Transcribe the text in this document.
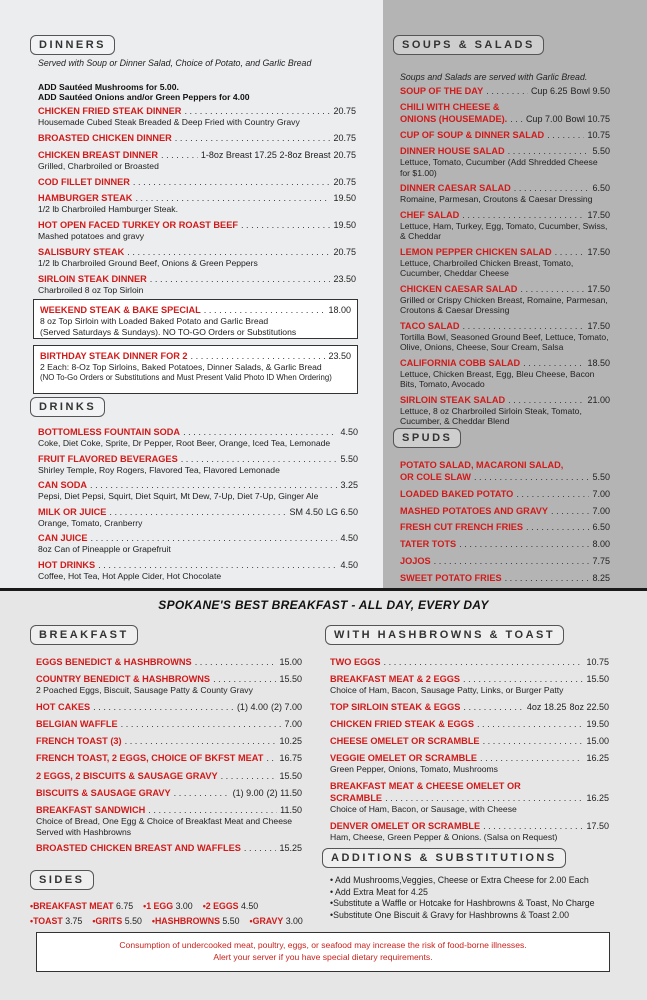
DINNERS
Served with Soup or Dinner Salad, Choice of Potato, and Garlic Bread
ADD Sautéed Mushrooms for 5.00.
ADD Sautéed Onions and/or Green Peppers for 4.00
CHICKEN FRIED STEAK DINNER . . .	20.75
Housemade Cubed Steak Breaded & Deep Fried with Country Gravy
BROASTED CHICKEN DINNER . . .	20.75
CHICKEN BREAST DINNER . . .	1-8oz Breast 17.25 2-8oz Breast 20.75
Grilled, Charbroiled or Broasted
COD FILLET DINNER . . .	20.75
HAMBURGER STEAK . . .	19.50
1/2 lb Charbroiled Hamburger Steak.
HOT OPEN FACED TURKEY OR ROAST BEEF . . .	19.50
Mashed potatoes and gravy
SALISBURY STEAK . . .	20.75
1/2 lb Charbroiled Ground Beef, Onions & Green Peppers
SIRLOIN STEAK DINNER . . .	23.50
Charbroiled 8 oz Top Sirloin
WEEKEND STEAK & BAKE SPECIAL . . .	18.00
8 oz Top Sirloin with Loaded Baked Potato and Garlic Bread
(Served Saturdays & Sundays). NO TO-GO Orders or Substitutions
BIRTHDAY STEAK DINNER FOR 2 . . .	23.50
2 Each: 8-Oz Top Sirloins, Baked Potatoes, Dinner Salads, & Garlic Bread
(NO To-Go Orders or Substitutions and Must Present Valid Photo ID When Ordering)
DRINKS
BOTTOMLESS FOUNTAIN SODA . . .	4.50
Coke, Diet Coke, Sprite, Dr Pepper, Root Beer, Orange, Iced Tea, Lemonade
FRUIT FLAVORED BEVERAGES . . .	5.50
Shirley Temple, Roy Rogers, Flavored Tea, Flavored Lemonade
CAN SODA . . .	3.25
Pepsi, Diet Pepsi, Squirt, Diet Squirt, Mt Dew, 7-Up, Diet 7-Up, Ginger Ale
MILK OR JUICE . . .	SM 4.50 LG 6.50
Orange, Tomato, Cranberry
CAN JUICE . . .	4.50
8oz Can of Pineapple or Grapefruit
HOT DRINKS . . .	4.50
Coffee, Hot Tea, Hot Apple Cider, Hot Chocolate
SOUPS & SALADS
Soups and Salads are served with Garlic Bread.
SOUP OF THE DAY . . .	Cup 6.25 Bowl 9.50
CHILI WITH CHEESE &
ONIONS (HOUSEMADE). . . . Cup 7.00 Bowl 10.75
CUP OF SOUP & DINNER SALAD . . .	10.75
DINNER HOUSE SALAD . . .	5.50
Lettuce, Tomato, Cucumber (Add Shredded Cheese for $1.00)
DINNER CAESAR SALAD . . .	6.50
Romaine, Parmesan, Croutons & Caesar Dressing
CHEF SALAD . . .	17.50
Lettuce, Ham, Turkey, Egg, Tomato, Cucumber, Swiss, & Cheddar
LEMON PEPPER CHICKEN SALAD . . .	17.50
Lettuce, Charbroiled Chicken Breast, Tomato, Cucumber, Cheddar Cheese
CHICKEN CAESAR SALAD . . .	17.50
Grilled or Crispy Chicken Breast, Romaine, Parmesan, Croutons & Caesar Dressing
TACO SALAD . . .	17.50
Tortilla Bowl, Seasoned Ground Beef, Lettuce, Tomato, Olive, Onions, Cheese, Sour Cream, Salsa
CALIFORNIA COBB SALAD . . .	18.50
Lettuce, Chicken Breast, Egg, Bleu Cheese, Bacon Bits, Tomato, Avocado
SIRLOIN STEAK SALAD . . .	21.00
Lettuce, 8 oz Charbroiled Sirloin Steak, Tomato, Cucumber, & Cheddar Blend
SPUDS
POTATO SALAD, MACARONI SALAD,
OR COLE SLAW . . .	5.50
LOADED BAKED POTATO . . .	7.00
MASHED POTATOES AND GRAVY . . .	7.00
FRESH CUT FRENCH FRIES . . .	6.50
TATER TOTS . . .	8.00
JOJOS . . .	7.75
SWEET POTATO FRIES . . .	8.25
SPOKANE'S BEST BREAKFAST - ALL DAY, EVERY DAY
BREAKFAST
EGGS BENEDICT & HASHBROWNS . . .	15.00
COUNTRY BENEDICT & HASHBROWNS . . .	15.50
2 Poached Eggs, Biscuit, Sausage Patty & County Gravy
HOT CAKES . . .	(1) 4.00 (2) 7.00
BELGIAN WAFFLE . . .	7.00
FRENCH TOAST (3) . . .	10.25
FRENCH TOAST, 2 EGGS, CHOICE OF BKFST MEAT . . . 16.75
2 EGGS, 2 BISCUITS & SAUSAGE GRAVY . . .	15.50
BISCUITS & SAUSAGE GRAVY . . .	(1) 9.00 (2) 11.50
BREAKFAST SANDWICH . . .	11.50
Choice of Bread, One Egg & Choice of Breakfast Meat and Cheese Served with Hashbrowns
BROASTED CHICKEN BREAST AND WAFFLES . . .	15.25
WITH HASHBROWNS & TOAST
TWO EGGS . . .	10.75
BREAKFAST MEAT & 2 EGGS . . .	15.50
Choice of Ham, Bacon, Sausage Patty, Links, or Burger Patty
TOP SIRLOIN STEAK & EGGS . . .	4oz 18.25 8oz 22.50
CHICKEN FRIED STEAK & EGGS . . .	19.50
CHEESE OMELET OR SCRAMBLE . . .	15.00
VEGGIE OMELET OR SCRAMBLE . . .	16.25
Green Pepper, Onions, Tomato, Mushrooms
BREAKFAST MEAT & CHEESE OMELET OR
SCRAMBLE . . .	16.25
Choice of Ham, Bacon, or Sausage, with Cheese
DENVER OMELET OR SCRAMBLE . . .	17.50
Ham, Cheese, Green Pepper & Onions. (Salsa on Request)
ADDITIONS & SUBSTITUTIONS
• Add Mushrooms,Veggies, Cheese or Extra Cheese for 2.00 Each
• Add Extra Meat for 4.25
•Substitute a Waffle or Hotcake for Hashbrowns & Toast, No Charge
•Substitute One Biscuit & Gravy for Hashbrowns & Toast 2.00
SIDES
•BREAKFAST MEAT 6.75 •1 EGG 3.00 •2 EGGS 4.50
•TOAST 3.75 •GRITS 5.50 •HASHBROWNS 5.50 •GRAVY 3.00
Consumption of undercooked meat, poultry, eggs, or seafood may increase the risk of food-borne illnesses.
Alert your server if you have special dietary requirements.
